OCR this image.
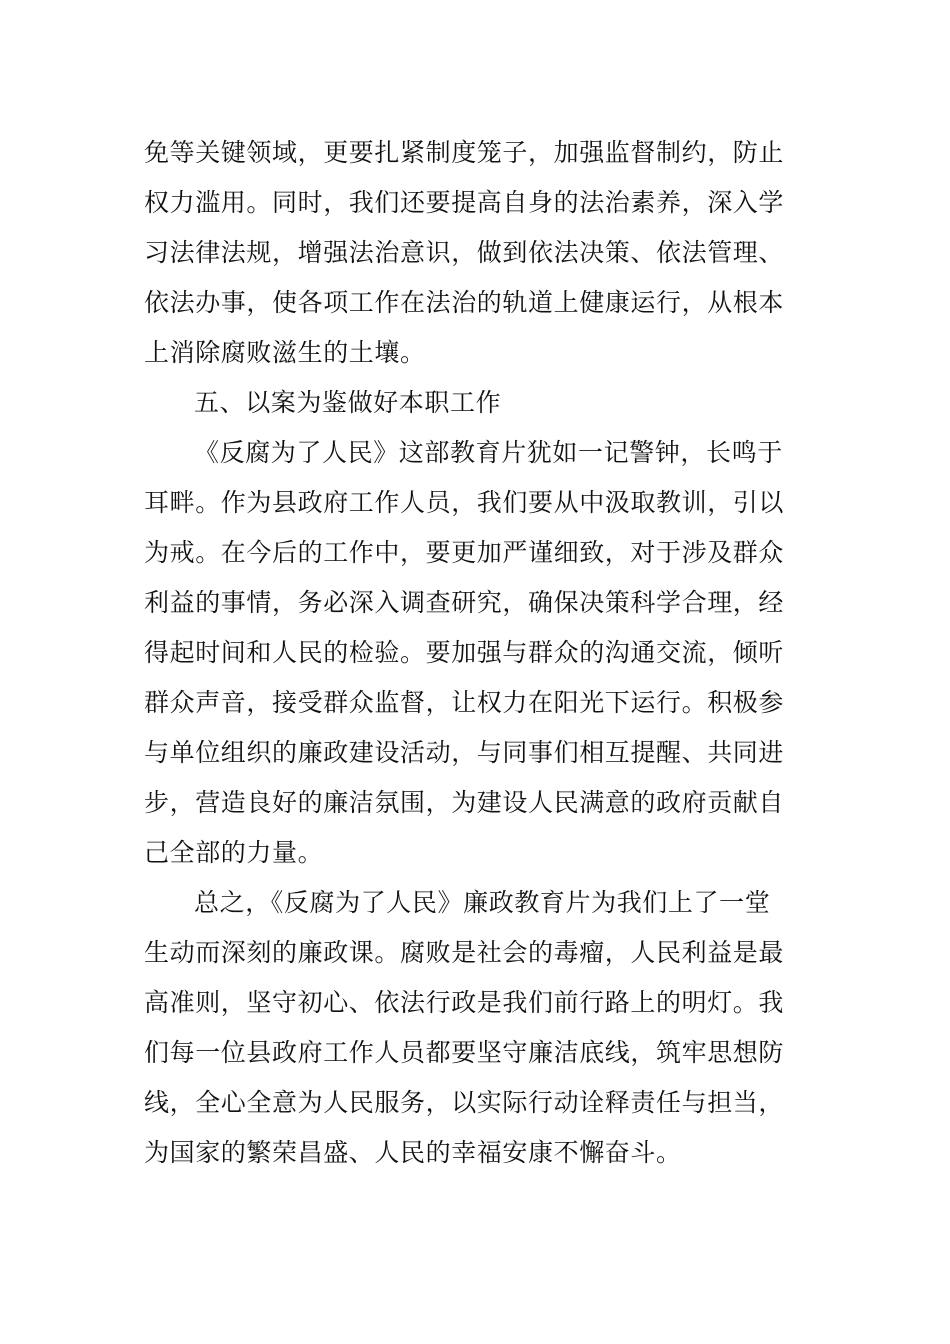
免等关键领域，更要扎紧制度笼子，加强监督制约，防止
权力滥用。同时，我们还要提高自身的法治素养，深入学
习法律法规，增强法治意识，做到依法决策、依法管理、
依法办事，使各项工作在法治的轨道上健康运行，从根本
上消除腐败滋生的土壤。
五、以案为鉴做好本职工作
《反腐为了人民》这部教育片犹如一记警钟，长鸣于
耳畔。作为县政府工作人员，我们要从中汲取教训，引以
为戒。在今后的工作中，要更加严谨细致，对于涉及群众
利益的事情，务必深入调查研究，确保决策科学合理，经
得起时间和人民的检验。要加强与群众的沟通交流，倾听
群众声音，接受群众监督，让权力在阳光下运行。积极参
与单位组织的廉政建设活动，与同事们相互提醒、共同进
步，营造良好的廉洁氛围，为建设人民满意的政府贡献自
己全部的力量。
总之，《反腐为了人民》廉政教育片为我们上了一堂
生动而深刻的廉政课。腐败是社会的毒瘤，人民利益是最
高准则，坚守初心、依法行政是我们前行路上的明灯。我
们每一位县政府工作人员都要坚守廉洁底线，筑牢思想防
线，全心全意为人民服务，以实际行动诠释责任与担当，
为国家的繁荣昌盛、人民的幸福安康不懈奋斗。
